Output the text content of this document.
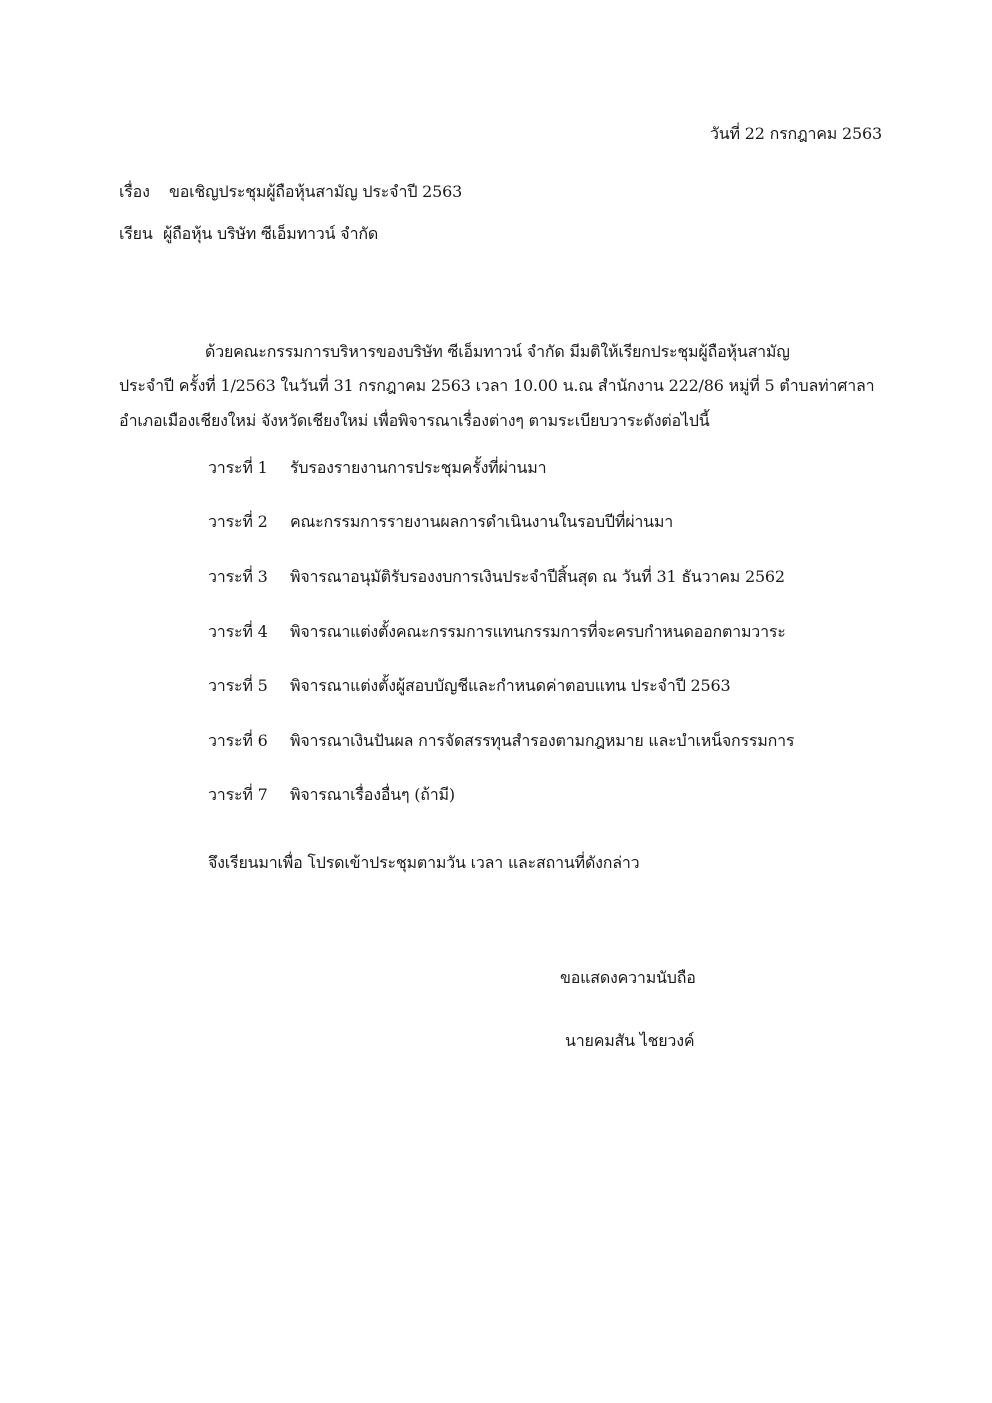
วันที่ 22 กรกฎาคม 2563
เรื่อง ขอเชิญประชุมผู้ถือหุ้นสามัญ ประจำปี 2563
เรียน ผู้ถือหุ้น บริษัท ซีเอ็มทาวน์ จำกัด
ด้วยคณะกรรมการบริหารของบริษัท ซีเอ็มทาวน์ จำกัด มีมติให้เรียกประชุมผู้ถือหุ้นสามัญ
ประจำปี ครั้งที่ 1/2563 ในวันที่ 31 กรกฎาคม 2563 เวลา 10.00 น.ณ สำนักงาน 222/86 หมู่ที่ 5 ตำบลท่าศาลา
อำเภอเมืองเชียงใหม่ จังหวัดเชียงใหม่ เพื่อพิจารณาเรื่องต่างๆ ตามระเบียบวาระดังต่อไปนี้
วาระที่ 1 รับรองรายงานการประชุมครั้งที่ผ่านมา
วาระที่ 2 คณะกรรมการรายงานผลการดำเนินงานในรอบปีที่ผ่านมา
วาระที่ 3 พิจารณาอนุมัติรับรองงบการเงินประจำปีสิ้นสุด ณ วันที่ 31 ธันวาคม 2562
วาระที่ 4 พิจารณาแต่งตั้งคณะกรรมการแทนกรรมการที่จะครบกำหนดออกตามวาระ
วาระที่ 5 พิจารณาแต่งตั้งผู้สอบบัญชีและกำหนดค่าตอบแทน ประจำปี 2563
วาระที่ 6 พิจารณาเงินปันผล การจัดสรรทุนสำรองตามกฎหมาย และบำเหน็จกรรมการ
วาระที่ 7 พิจารณาเรื่องอื่นๆ (ถ้ามี)
จึงเรียนมาเพื่อ โปรดเข้าประชุมตามวัน เวลา และสถานที่ดังกล่าว
ขอแสดงความนับถือ
นายคมสัน ไชยวงค์
